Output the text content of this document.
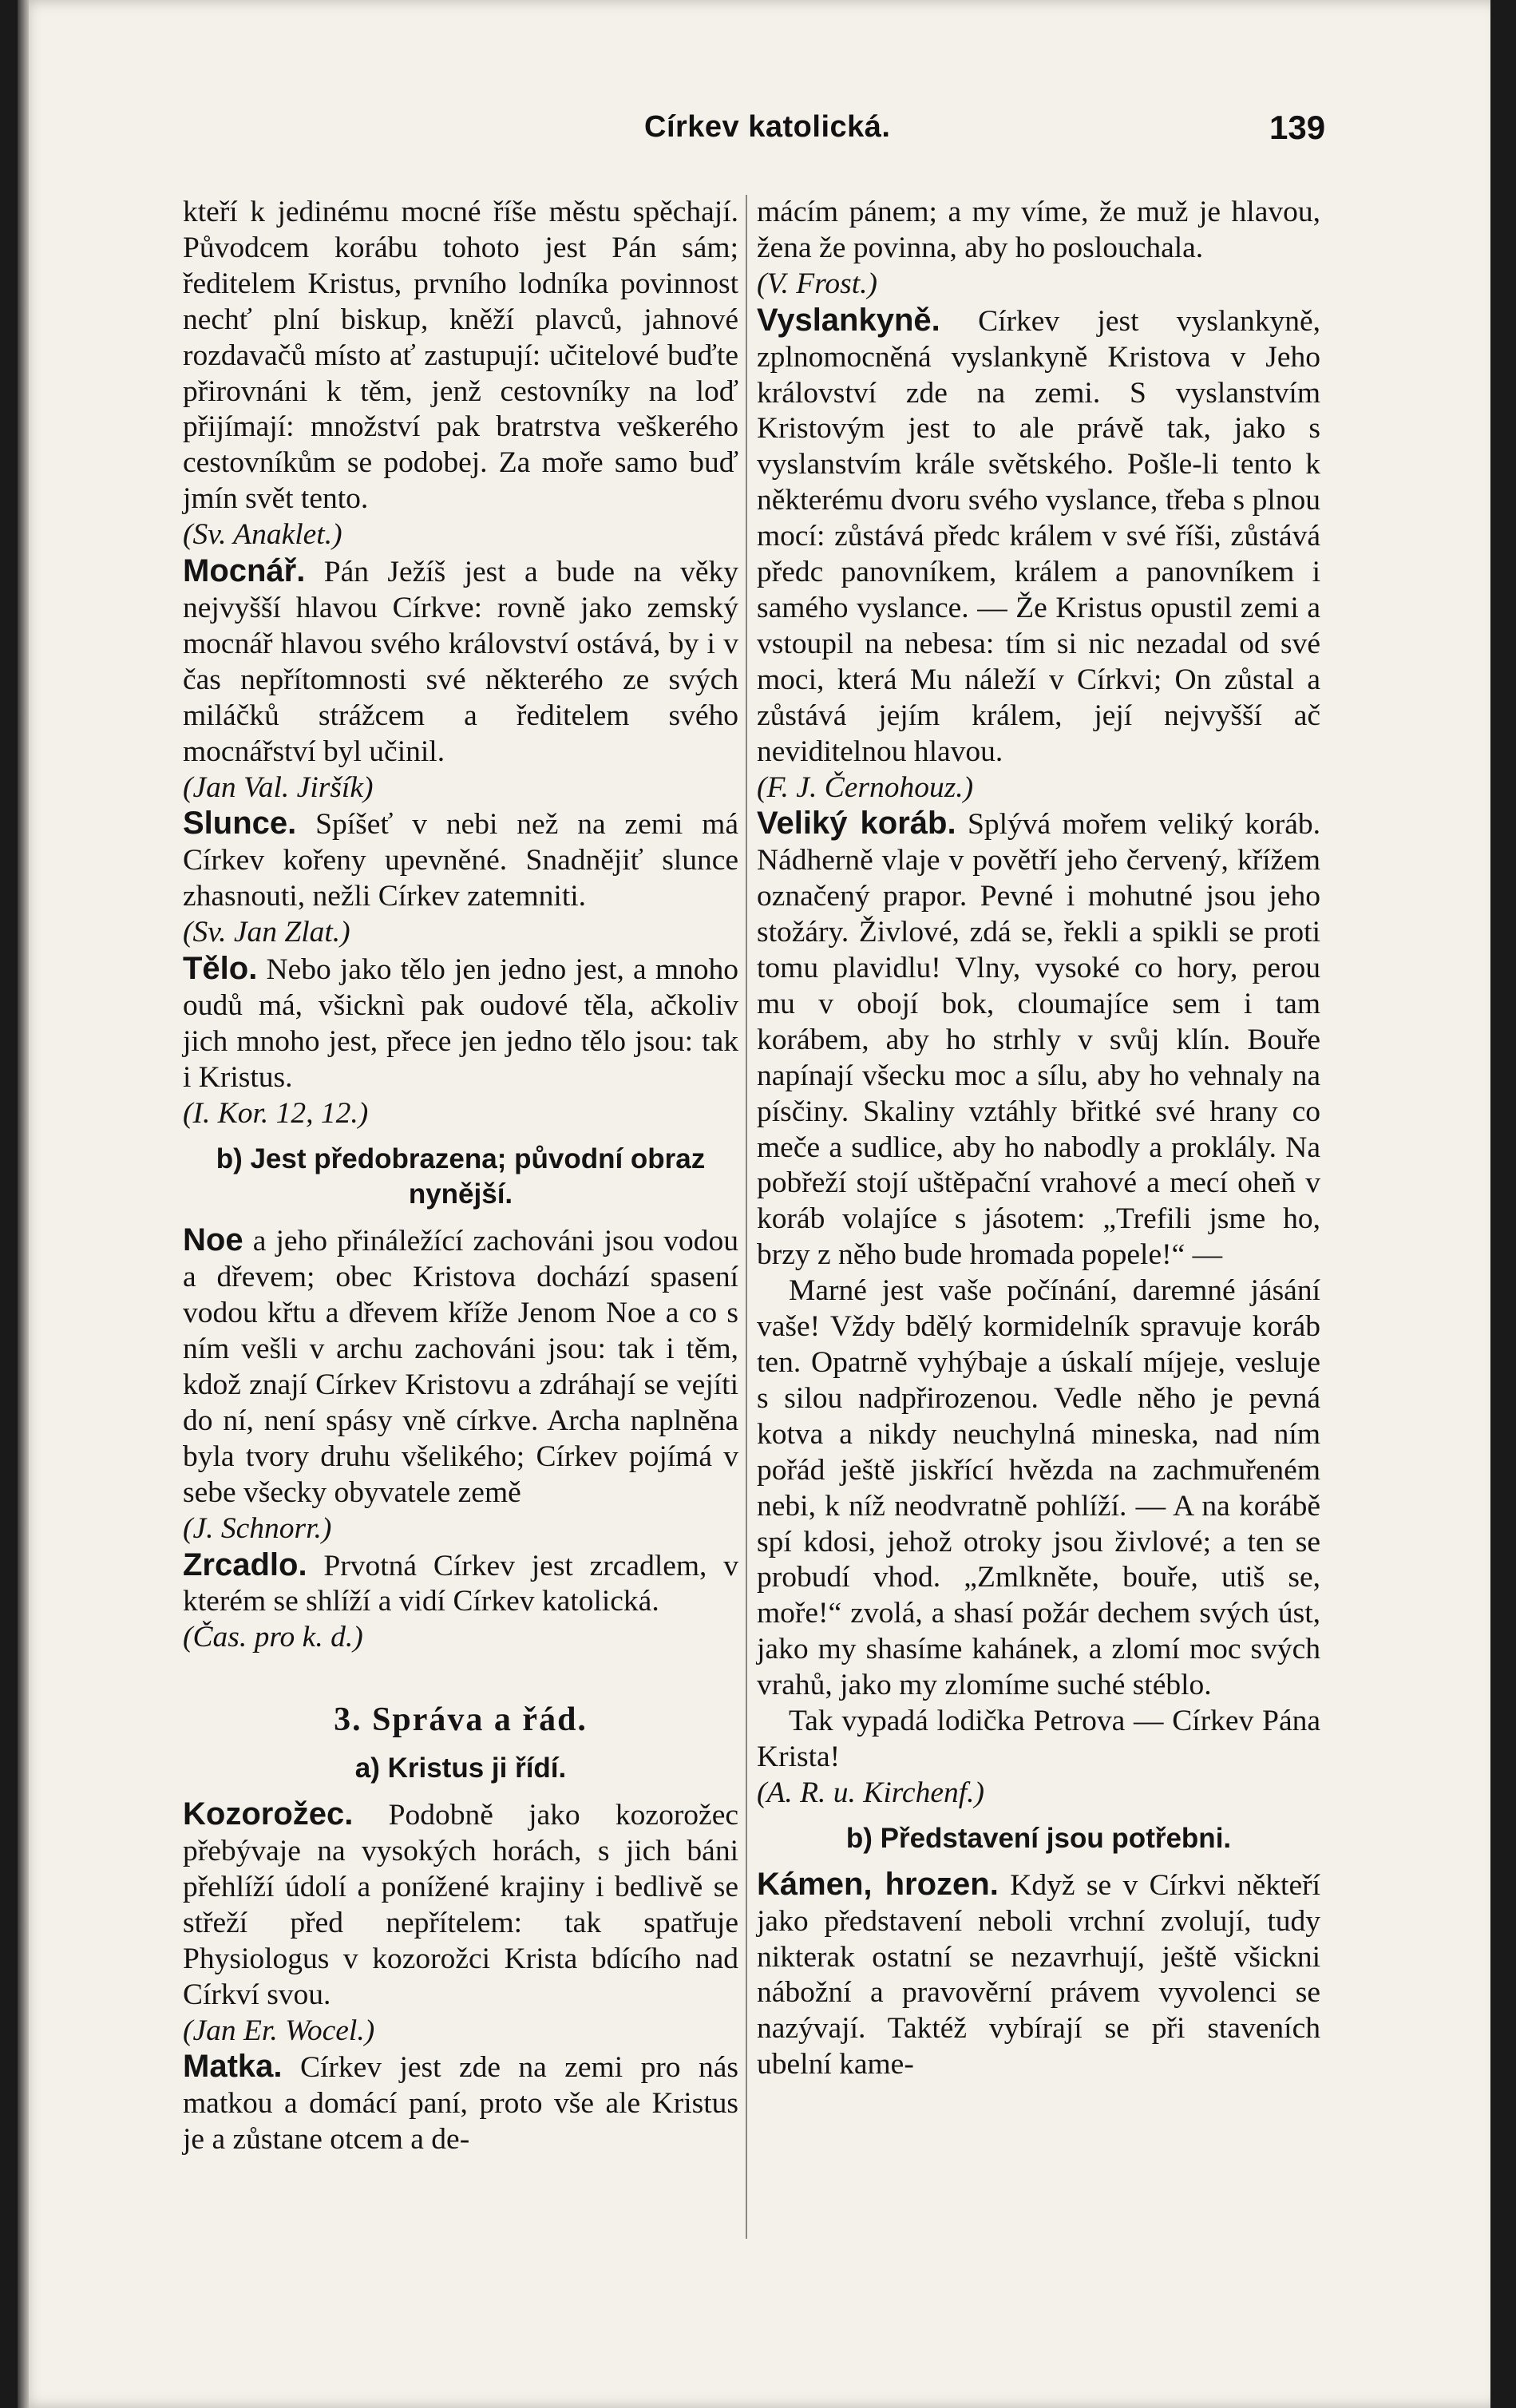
Církev katolická.	139

kteří k jedinému mocné říše městu spěchají. Původcem korábu tohoto jest Pán sám; ředitelem Kristus, prvního lodníka povinnost nechť plní biskup, kněží plavců, jahnové rozdavačů místo ať zastupují: učitelové buďte přirovnáni k těm, jenž cestovníky na loď přijímají: množství pak bratrstva veškerého cestovníkům se podobej. Za moře samo buď jmín svět tento.

(Sv. Anaklet.)

Mocnář. Pán Ježíš jest a bude na věky nejvyšší hlavou Církve: rovně jako zemský mocnář hlavou svého království ostává, by i v čas nepřítomnosti své některého ze svých miláčků strážcem a ředitelem svého mocnářství byl učinil.

(Jan Val. Jiršík)

Slunce. Spíšeť v nebi než na zemi má Církev kořeny upevněné. Snadnějiť slunce zhasnouti, nežli Církev zatemniti.

(Sv. Jan Zlat.)

Tělo. Nebo jako tělo jen jedno jest, a mnoho oudů má, všicknì pak oudové těla, ačkoliv jich mnoho jest, přece jen jedno tělo jsou: tak i Kristus.

(I. Kor. 12, 12.)

b) Jest předobrazena; původní obraz nynější.

Noe a jeho přináležící zachováni jsou vodou a dřevem; obec Kristova dochází spasení vodou křtu a dřevem kříže Jenom Noe a co s ním vešli v archu zachováni jsou: tak i těm, kdož znají Církev Kristovu a zdráhají se vejíti do ní, není spásy vně církve. Archa naplněna byla tvory druhu všelikého; Církev pojímá v sebe všecky obyvatele země

(J. Schnorr.)

Zrcadlo. Prvotná Církev jest zrcadlem, v kterém se shlíží a vidí Církev katolická.

(Čas. pro k. d.)

3. Správa a řád.
a) Kristus ji řídí.

Kozorožec. Podobně jako kozorožec přebývaje na vysokých horách, s jich báni přehlíží údolí a ponížené krajiny i bedlivě se střeží před nepřítelem: tak spatřuje Physiologus v kozorožci Krista bdícího nad Církví svou.

(Jan Er. Wocel.)

Matka. Církev jest zde na zemi pro nás matkou a domácí paní, proto vše ale Kristus je a zůstane otcem a de-

mácím pánem; a my víme, že muž je hlavou, žena že povinna, aby ho poslouchala.

(V. Frost.)

Vyslankyně. Církev jest vyslankyně, zplnomocněná vyslankyně Kristova v Jeho království zde na zemi. S vyslanstvím Kristovým jest to ale právě tak, jako s vyslanstvím krále světského. Pošle-li tento k některému dvoru svého vyslance, třeba s plnou mocí: zůstává předc králem v své říši, zůstává předc panovníkem, králem a panovníkem i samého vyslance. — Že Kristus opustil zemi a vstoupil na nebesa: tím si nic nezadal od své moci, která Mu náleží v Církvi; On zůstal a zůstává jejím králem, její nejvyšší ač neviditelnou hlavou.

(F. J. Černohouz.)

Veliký koráb. Splývá mořem veliký koráb. Nádherně vlaje v povětří jeho červený, křížem označený prapor. Pevné i mohutné jsou jeho stožáry. Živlové, zdá se, řekli a spikli se proti tomu plavidlu! Vlny, vysoké co hory, perou mu v obojí bok, cloumajíce sem i tam korábem, aby ho strhly v svůj klín. Bouře napínají všecku moc a sílu, aby ho vehnaly na písčiny. Skaliny vztáhly břitké své hrany co meče a sudlice, aby ho nabodly a proklály. Na pobřeží stojí uštěpační vrahové a mecí oheň v koráb volajíce s jásotem: „Trefili jsme ho, brzy z něho bude hromada popele!“ —

Marné jest vaše počínání, daremné jásání vaše! Vždy bdělý kormidelník spravuje koráb ten. Opatrně vyhýbaje a úskalí míjeje, vesluje s silou nadpřirozenou. Vedle něho je pevná kotva a nikdy neuchylná mineska, nad ním pořád ještě jiskřící hvězda na zachmuřeném nebi, k níž neodvratně pohlíží. — A na korábě spí kdosi, jehož otroky jsou živlové; a ten se probudí vhod. „Zmlkněte, bouře, utiš se, moře!“ zvolá, a shasí požár dechem svých úst, jako my shasíme kahánek, a zlomí moc svých vrahů, jako my zlomíme suché stéblo.

Tak vypadá lodička Petrova — Církev Pána Krista!

(A. R. u. Kirchenf.)

b) Představení jsou potřebni.

Kámen, hrozen. Když se v Církvi někteří jako představení neboli vrchní zvolují, tudy nikterak ostatní se nezavrhují, ještě všickni nábožní a pravověrní právem vyvolenci se nazývají. Taktéž vybírají se při staveních ubelní kame-
